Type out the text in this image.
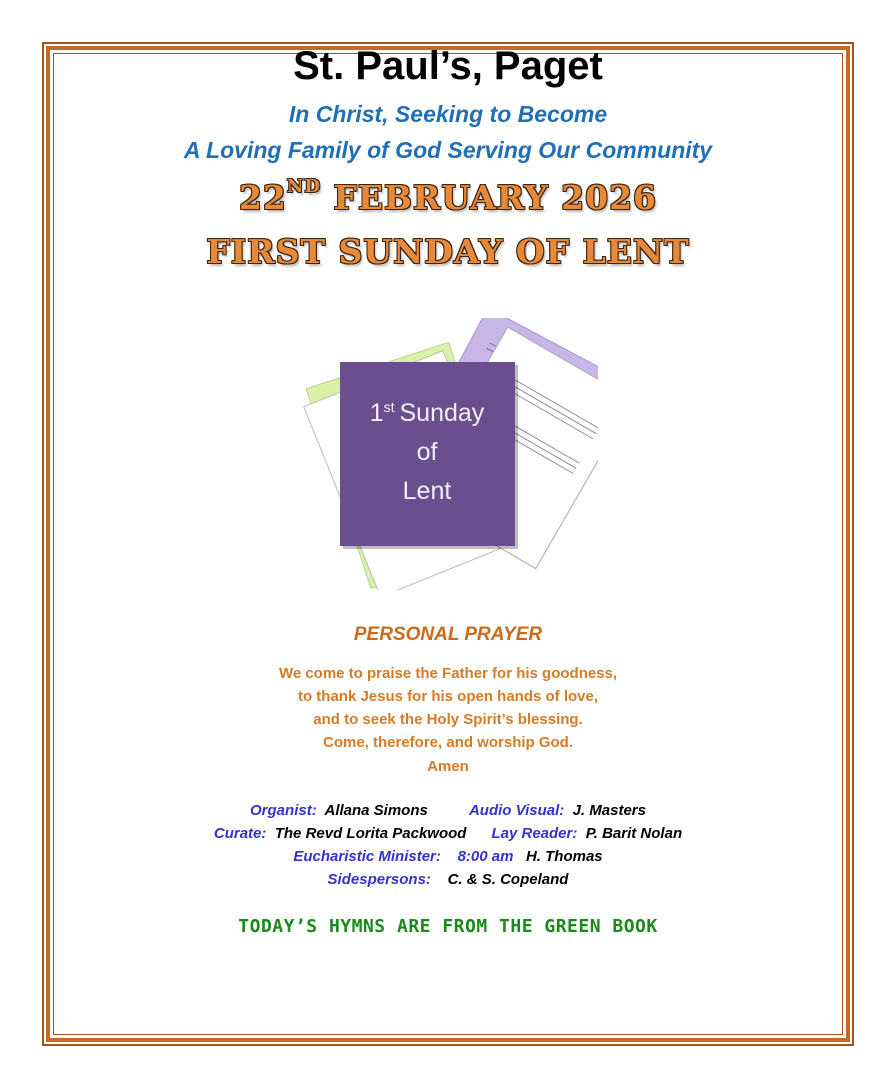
St. Paul’s, Paget
In Christ, Seeking to Become
A Loving Family of God Serving Our Community
22ND FEBRUARY 2026
FIRST SUNDAY OF LENT
1st Sunday
of
Lent
PERSONAL PRAYER
We come to praise the Father for his goodness,
to thank Jesus for his open hands of love,
and to seek the Holy Spirit’s blessing.
Come, therefore, and worship God.
Amen
Organist: Allana Simons	Audio Visual: J. Masters
Curate: The Revd Lorita Packwood Lay Reader: P. Barit Nolan
Eucharistic Minister: 8:00 am H. Thomas
Sidespersons: C. & S. Copeland
TODAY’S HYMNS ARE FROM THE GREEN BOOK
